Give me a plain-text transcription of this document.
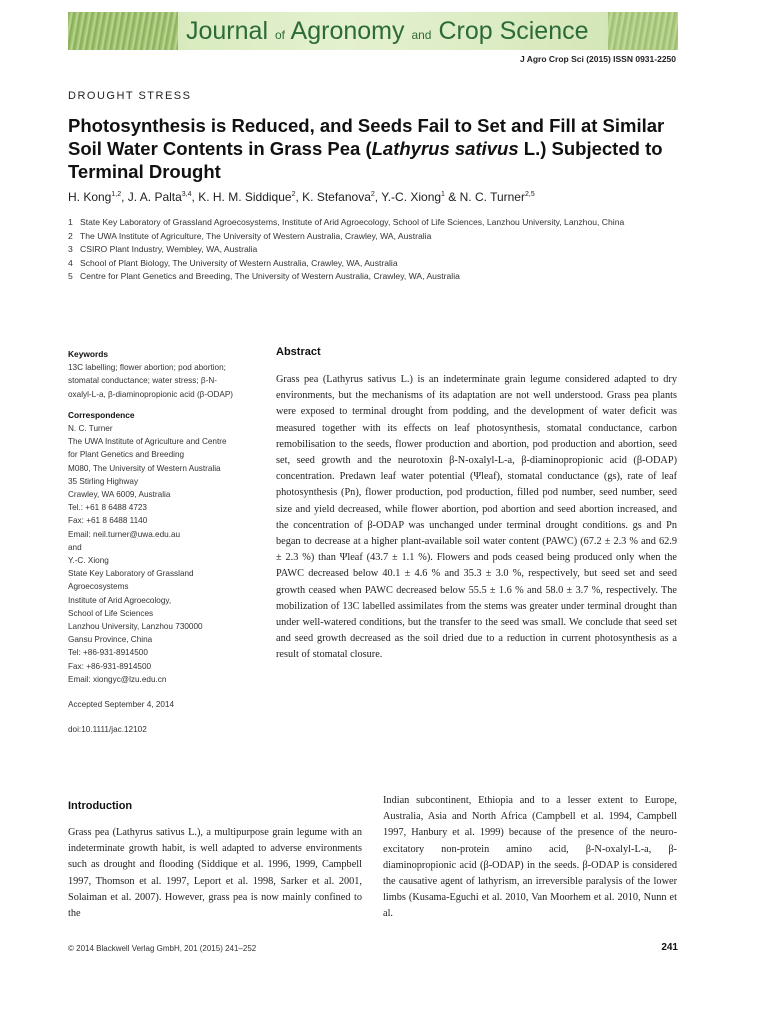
Journal of Agronomy and Crop Science
J Agro Crop Sci (2015) ISSN 0931-2250
DROUGHT STRESS
Photosynthesis is Reduced, and Seeds Fail to Set and Fill at Similar Soil Water Contents in Grass Pea (Lathyrus sativus L.) Subjected to Terminal Drought
H. Kong$^{1,2}$, J. A. Palta$^{3,4}$, K. H. M. Siddique$^2$, K. Stefanova$^2$, Y.-C. Xiong$^1$ & N. C. Turner$^{2,5}$
1 State Key Laboratory of Grassland Agroecosystems, Institute of Arid Agroecology, School of Life Sciences, Lanzhou University, Lanzhou, China
2 The UWA Institute of Agriculture, The University of Western Australia, Crawley, WA, Australia
3 CSIRO Plant Industry, Wembley, WA, Australia
4 School of Plant Biology, The University of Western Australia, Crawley, WA, Australia
5 Centre for Plant Genetics and Breeding, The University of Western Australia, Crawley, WA, Australia
Keywords
13C labelling; flower abortion; pod abortion;
stomatal conductance; water stress; β-N-
oxalyl-L-a, β-diaminopropionic acid (β-ODAP)
Correspondence
N. C. Turner
The UWA Institute of Agriculture and Centre
for Plant Genetics and Breeding
M080, The University of Western Australia
35 Stirling Highway
Crawley, WA 6009, Australia
Tel.: +61 8 6488 4723
Fax: +61 8 6488 1140
Email: neil.turner@uwa.edu.au
and
Y.-C. Xiong
State Key Laboratory of Grassland
Agroecosystems
Institute of Arid Agroecology,
School of Life Sciences
Lanzhou University, Lanzhou 730000
Gansu Province, China
Tel: +86-931-8914500
Fax: +86-931-8914500
Email: xiongyc@lzu.edu.cn
Accepted September 4, 2014
doi:10.1111/jac.12102
Abstract

Grass pea (Lathyrus sativus L.) is an indeterminate grain legume considered adapted to dry environments, but the mechanisms of its adaptation are not well understood. Grass pea plants were exposed to terminal drought from podding, and the development of water deficit was measured together with its effects on leaf photosynthesis, stomatal conductance, carbon remobilisation to the seeds, flower production and abortion, pod production and abortion, seed set, seed growth and the neurotoxin β-N-oxalyl-L-a, β-diaminopropionic acid (β-ODAP) concentration. Predawn leaf water potential (Ψleaf), stomatal conductance (gs), rate of leaf photosynthesis (Pn), flower production, pod production, filled pod number, seed number, seed size and yield decreased, while flower abortion, pod abortion and seed abortion increased, and the concentration of β-ODAP was unchanged under terminal drought conditions. gs and Pn began to decrease at a higher plant-available soil water content (PAWC) (67.2 ± 2.3 % and 62.9 ± 2.3 %) than Ψleaf (43.7 ± 1.1 %). Flowers and pods ceased being produced only when the PAWC decreased below 40.1 ± 4.6 % and 35.3 ± 3.0 %, respectively, but seed set and seed growth ceased when PAWC decreased below 55.5 ± 1.6 % and 58.0 ± 3.7 %, respectively. The mobilization of 13C labelled assimilates from the stems was greater under terminal drought than under well-watered conditions, but the transfer to the seed was small. We conclude that seed set and seed growth decreased as the soil dried due to a reduction in current photosynthesis as a result of stomatal closure.

Introduction

Grass pea (Lathyrus sativus L.), a multipurpose grain legume with an indeterminate growth habit, is well adapted to adverse environments such as drought and flooding (Siddique et al. 1996, 1999, Campbell 1997, Thomson et al. 1997, Leport et al. 1998, Sarker et al. 2001, Solaiman et al. 2007). However, grass pea is now mainly confined to the

Indian subcontinent, Ethiopia and to a lesser extent to Europe, Australia, Asia and North Africa (Campbell et al. 1994, Campbell 1997, Hanbury et al. 1999) because of the presence of the neuro-excitatory non-protein amino acid, β-N-oxalyl-L-a, β-diaminopropionic acid (β-ODAP) in the seeds. β-ODAP is considered the causative agent of lathyrism, an irreversible paralysis of the lower limbs (Kusama-Eguchi et al. 2010, Van Moorhem et al. 2010, Nunn et al.

© 2014 Blackwell Verlag GmbH, 201 (2015) 241–252	241
